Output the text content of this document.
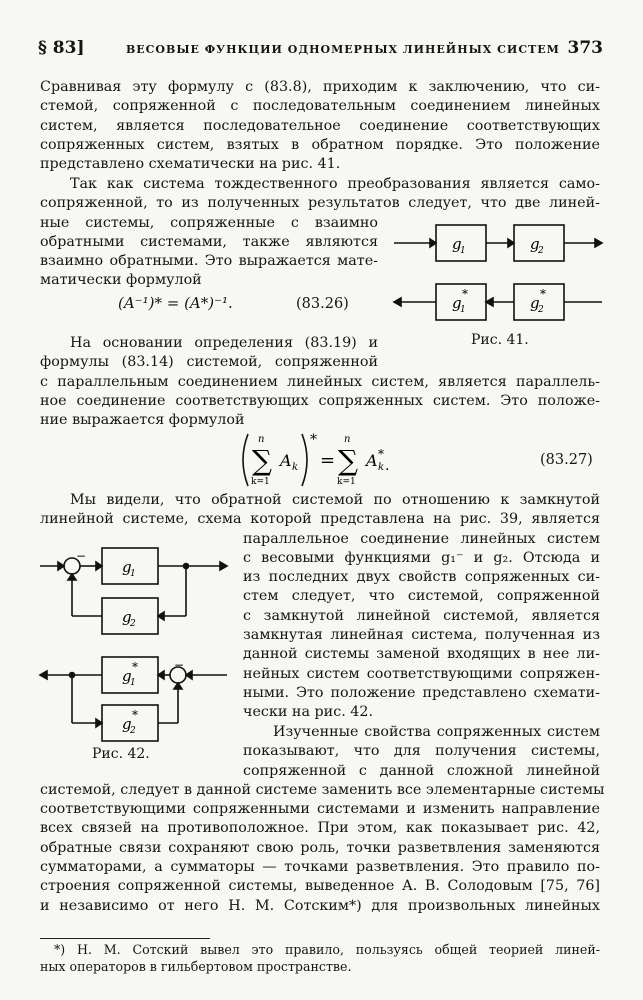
§ 83]	ВЕСОВЫЕ ФУНКЦИИ ОДНОМЕРНЫХ ЛИНЕЙНЫХ СИСТЕМ 373
Сравнивая эту формулу с (83.8), приходим к заключению, что си-
стемой, сопряженной с последовательным соединением линейных
систем, является последовательное соединение соответствующих
сопряженных систем, взятых в обратном порядке. Это положение
представлено схематически на рис. 41.
Так как система тождественного преобразования является само-
сопряженной, то из полученных результатов следует, что две линей-
ные системы, сопряженные с взаимно
обратными системами, также являются
взаимно обратными. Это выражается мате-
матически формулой
(A⁻¹)* = (A*)⁻¹.	(83.26)
g
1	g
2
g
1
*	g
2
*
Рис. 41.
На основании определения (83.19) и
формулы (83.14) системой, сопряженной
с параллельным соединением линейных систем, является параллель-
ное соединение соответствующих сопряженных систем. Это положе-
ние выражается формулой
n
∑
k=1
A k
*
=
n
∑
k=1
A k
*
.	(83.27)
Мы видели, что обратной системой по отношению к замкнутой
линейной системе, схема которой представлена на рис. 39, является
параллельное соединение линейных систем
с весовыми функциями g₁⁻ и g₂. Отсюда и
из последних двух свойств сопряженных си-
стем следует, что системой, сопряженной
с замкнутой линейной системой, является
замкнутая линейная система, полученная из
данной системы заменой входящих в нее ли-
нейных систем соответствующими сопряжен-
ными. Это положение представлено схемати-
чески на рис. 42.
Изученные свойства сопряженных систем
показывают, что для получения системы,
сопряженной с данной сложной линейной
системой, следует в данной системе заменить все элементарные системы
соответствующими сопряженными системами и изменить направление
всех связей на противоположное. При этом, как показывает рис. 42,
обратные связи сохраняют свою роль, точки разветвления заменяются
сумматорами, а сумматоры — точками разветвления. Это правило по-
строения сопряженной системы, выведенное А. В. Солодовым [75, 76]
и независимо от него Н. М. Сотским*) для произвольных линейных
−
−
g
1
g
2
g
1
*
g
2
*
Рис. 42.
*) Н. М. Сотский вывел это правило, пользуясь общей теорией линей-
ных операторов в гильбертовом пространстве.
